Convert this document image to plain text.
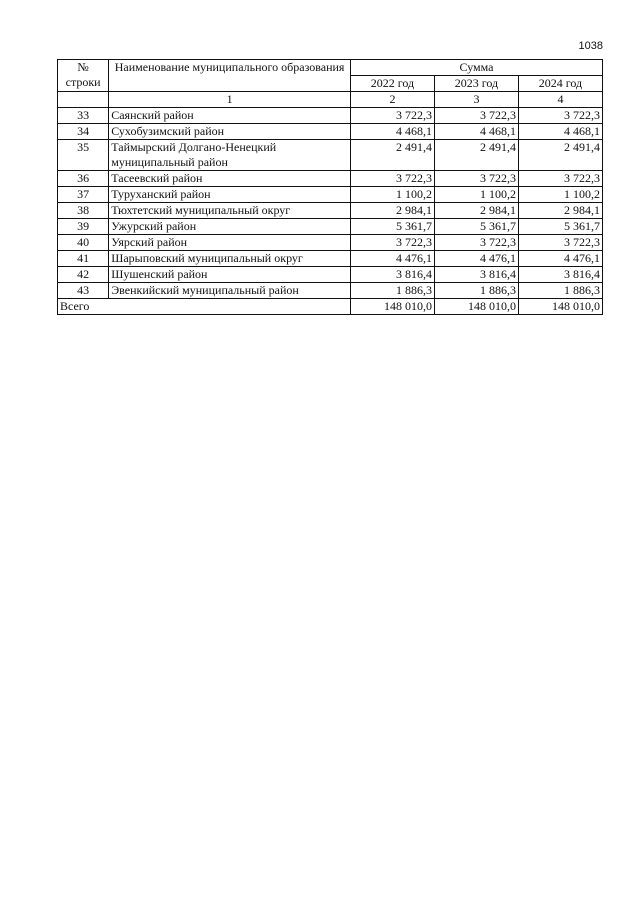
1038
№ строки	Наименование муниципального образования	Сумма		
		2022 год	2023 год	2024 год
	1	2	3	4
33	Саянский район	3 722,3	3 722,3	3 722,3
34	Сухобузимский район	4 468,1	4 468,1	4 468,1
35	Таймырский Долгано-Ненецкий муниципальный район	2 491,4	2 491,4	2 491,4
36	Тасеевский район	3 722,3	3 722,3	3 722,3
37	Туруханский район	1 100,2	1 100,2	1 100,2
38	Тюхтетский муниципальный округ	2 984,1	2 984,1	2 984,1
39	Ужурский район	5 361,7	5 361,7	5 361,7
40	Уярский район	3 722,3	3 722,3	3 722,3
41	Шарыповский муниципальный округ	4 476,1	4 476,1	4 476,1
42	Шушенский район	3 816,4	3 816,4	3 816,4
43	Эвенкийский муниципальный район	1 886,3	1 886,3	1 886,3
Всего		148 010,0	148 010,0	148 010,0
